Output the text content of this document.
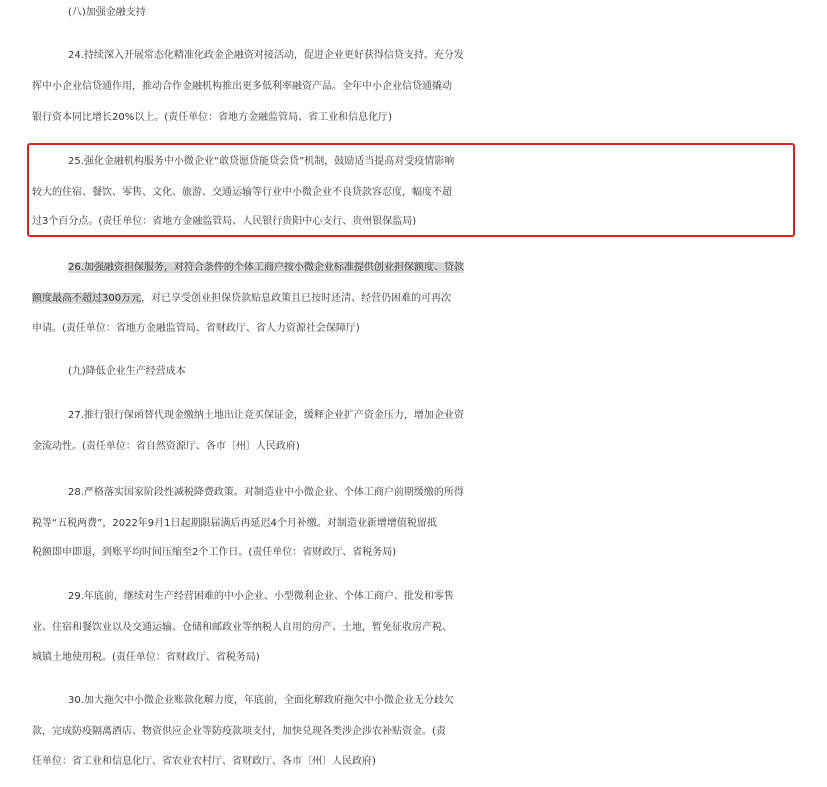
(八)加强金融支持
24.持续深入开展常态化精准化政金企融资对接活动，促进企业更好获得信贷支持。充分发
挥中小企业信贷通作用，推动合作金融机构推出更多低利率融资产品。全年中小企业信贷通撬动
银行资本同比增长20%以上。(责任单位：省地方金融监管局、省工业和信息化厅)
25.强化金融机构服务中小微企业“敢贷愿贷能贷会贷”机制，鼓励适当提高对受疫情影响
较大的住宿、餐饮、零售、文化、旅游、交通运输等行业中小微企业不良贷款容忍度，幅度不超
过3个百分点。(责任单位：省地方金融监管局、人民银行贵阳中心支行、贵州银保监局)
26.加强融资担保服务，对符合条件的个体工商户按小微企业标准提供创业担保额度、贷款
额度最高不超过300万元，对已享受创业担保贷款贴息政策且已按时还清、经营仍困难的可再次
申请。(责任单位：省地方金融监管局、省财政厅、省人力资源社会保障厅)
(九)降低企业生产经营成本
27.推行银行保函替代现金缴纳土地出让竞买保证金，缓释企业扩产资金压力，增加企业资
金流动性。(责任单位：省自然资源厅、各市〔州〕人民政府)
28.严格落实国家阶段性减税降费政策。对制造业中小微企业、个体工商户前期缓缴的所得
税等“五税两费”，2022年9月1日起期限届满后再延迟4个月补缴。对制造业新增增值税留抵
税额即申即退，到账平均时间压缩至2个工作日。(责任单位：省财政厅、省税务局)
29.年底前，继续对生产经营困难的中小企业、小型微利企业、个体工商户、批发和零售
业、住宿和餐饮业以及交通运输、仓储和邮政业等纳税人自用的房产、土地，暂免征收房产税、
城镇土地使用税。(责任单位：省财政厅、省税务局)
30.加大拖欠中小微企业账款化解力度，年底前，全面化解政府拖欠中小微企业无分歧欠
款，完成防疫隔离酒店、物资供应企业等防疫款项支付，加快兑现各类涉企涉农补贴资金。(责
任单位：省工业和信息化厅、省农业农村厅、省财政厅、各市〔州〕人民政府)
